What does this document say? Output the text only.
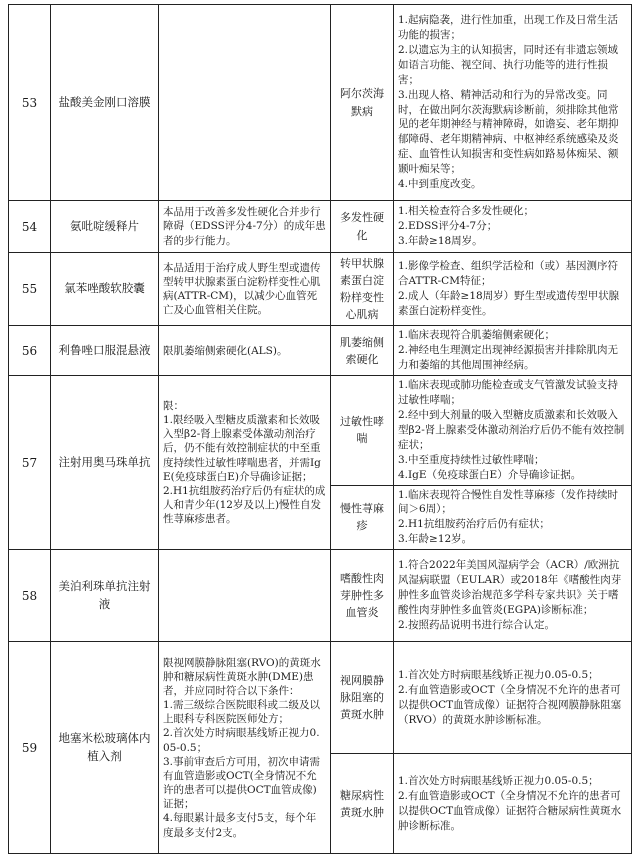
53	盐酸美金刚口溶膜		阿尔茨海默病	1.起病隐袭，进行性加重，出现工作及日常生活功能的损害；
2.以遗忘为主的认知损害，同时还有非遗忘领域如语言功能、视空间、执行功能等的进行性损害；
3.出现人格、精神活动和行为的异常改变。同时，在做出阿尔茨海默病诊断前，须排除其他常见的老年期神经与精神障碍，如谵妄、老年期抑郁障碍、老年期精神病、中枢神经系统感染及炎症、血管性认知损害和变性病如路易体痴呆、额颞叶痴呆等；
4.中到重度改变。

54	氨吡啶缓释片	本品用于改善多发性硬化合并步行障碍（EDSS评分4-7分）的成年患者的步行能力。	多发性硬化	1.相关检查符合多发性硬化；
2.EDSS评分4-7分；
3.年龄≥18周岁。

55	氯苯唑酸软胶囊	本品适用于治疗成人野生型或遗传型转甲状腺素蛋白淀粉样变性心肌病(ATTR-CM)，以减少心血管死亡及心血管相关住院。	转甲状腺素蛋白淀粉样变性心肌病	1.影像学检查、组织学活检和（或）基因测序符合ATTR-CM特征；
2.成人（年龄≥18周岁）野生型或遗传型甲状腺素蛋白淀粉样变性。

56	利鲁唑口服混悬液	限肌萎缩侧索硬化(ALS)。	肌萎缩侧索硬化	1.临床表现符合肌萎缩侧索硬化；
2.神经电生理测定出现神经源损害并排除肌肉无力和萎缩的其他周围神经病。

57	注射用奥马珠单抗	限：
1.限经吸入型糖皮质激素和长效吸入型β2-肾上腺素受体激动剂治疗后，仍不能有效控制症状的中至重度持续性过敏性哮喘患者，并需IgE(免疫球蛋白E)介导确诊证据；
2.H1抗组胺药治疗后仍有症状的成人和青少年(12岁及以上)慢性自发性荨麻疹患者。	过敏性哮喘	1.临床表现或肺功能检查或支气管激发试验支持过敏性哮喘；
2.经中到大剂量的吸入型糖皮质激素和长效吸入型β2-肾上腺素受体激动剂治疗后仍不能有效控制症状；
3.中至重度持续性过敏性哮喘；
4.IgE（免疫球蛋白E）介导确诊证据。

			慢性荨麻疹	1.临床表现符合慢性自发性荨麻疹（发作持续时间＞6周）；
2.H1抗组胺药治疗后仍有症状；
3.年龄≥12岁。

58	美泊利珠单抗注射液		嗜酸性肉芽肿性多血管炎	1.符合2022年美国风湿病学会（ACR）/欧洲抗风湿病联盟（EULAR）或2018年《嗜酸性肉芽肿性多血管炎诊治规范多学科专家共识》关于嗜酸性肉芽肿性多血管炎(EGPA)诊断标准；
2.按照药品说明书进行综合认定。

59	地塞米松玻璃体内植入剂	限视网膜静脉阻塞(RVO)的黄斑水肿和糖尿病性黄斑水肿(DME)患者，并应同时符合以下条件：
1.需三级综合医院眼科或二级及以上眼科专科医院医师处方；
2.首次处方时病眼基线矫正视力0.05-0.5；
3.事前审查后方可用，初次申请需有血管造影或OCT(全身情况不允许的患者可以提供OCT血管成像)证据；
4.每眼累计最多支付5支，每个年度最多支付2支。	视网膜静脉阻塞的黄斑水肿	1.首次处方时病眼基线矫正视力0.05-0.5；
2.有血管造影或OCT（全身情况不允许的患者可以提供OCT血管成像）证据符合视网膜静脉阻塞（RVO）的黄斑水肿诊断标准。

			糖尿病性黄斑水肿	1.首次处方时病眼基线矫正视力0.05-0.5；
2.有血管造影或OCT（全身情况不允许的患者可以提供OCT血管成像）证据符合糖尿病性黄斑水肿诊断标准。
